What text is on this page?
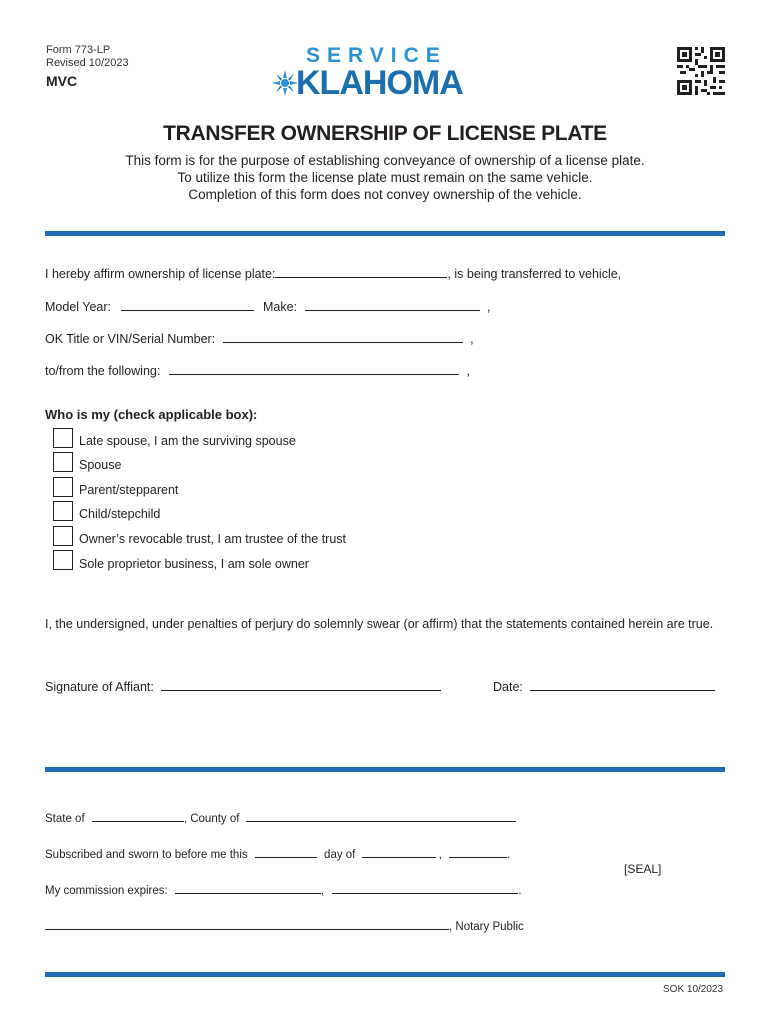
Form 773-LP
Revised 10/2023
MVC
SERVICE
KLAHOMA
TRANSFER OWNERSHIP OF LICENSE PLATE
This form is for the purpose of establishing conveyance of ownership of a license plate.
To utilize this form the license plate must remain on the same vehicle.
Completion of this form does not convey ownership of the vehicle.
I hereby affirm ownership of license plate:	, is being transferred to vehicle,
Model Year:	Make:	,
OK Title or VIN/Serial Number:	,
to/from the following:	,
Who is my (check applicable box):
Late spouse, I am the surviving spouse
Spouse
Parent/stepparent
Child/stepchild
Owner’s revocable trust, I am trustee of the trust
Sole proprietor business, I am sole owner
I, the undersigned, under penalties of perjury do solemnly swear (or affirm) that the statements contained herein are true.
Signature of Affiant:	Date:
State of	, County of
Subscribed and sworn to before me this	day of	,	.
[SEAL]
My commission expires:	,	.
, Notary Public
SOK 10/2023
